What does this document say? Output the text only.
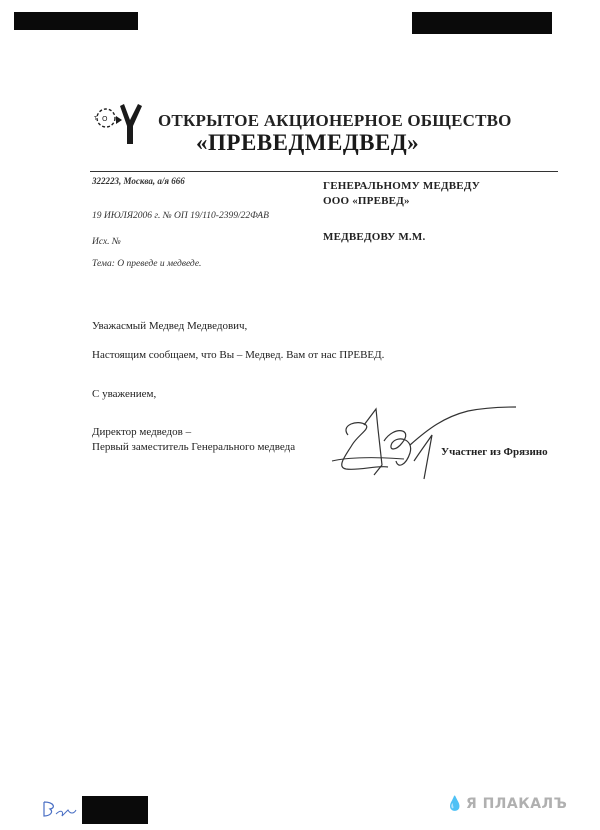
О
Т	ОТКРЫТОЕ АКЦИОНЕРНОЕ ОБЩЕСТВО
«ПРЕВЕДМЕДВЕД»
322223, Москва, а/я 666
19 ИЮЛЯ2006 г. № ОП 19/110-2399/22ФАВ
Исх. №
Тема: О преведе и медведе.
ГЕНЕРАЛЬНОМУ МЕДВЕДУ
ООО «ПРЕВЕД»
МЕДВЕДОВУ М.М.
Уважасмый Медвед Медведович,
Настоящим сообщаем, что Вы – Медвед. Вам от нас ПРЕВЕД.
С уважением,
Директор медведов –
Первый заместитель Генерального медведа	Участнег из Фрязино
💧 Я ПЛАКАЛЪ
